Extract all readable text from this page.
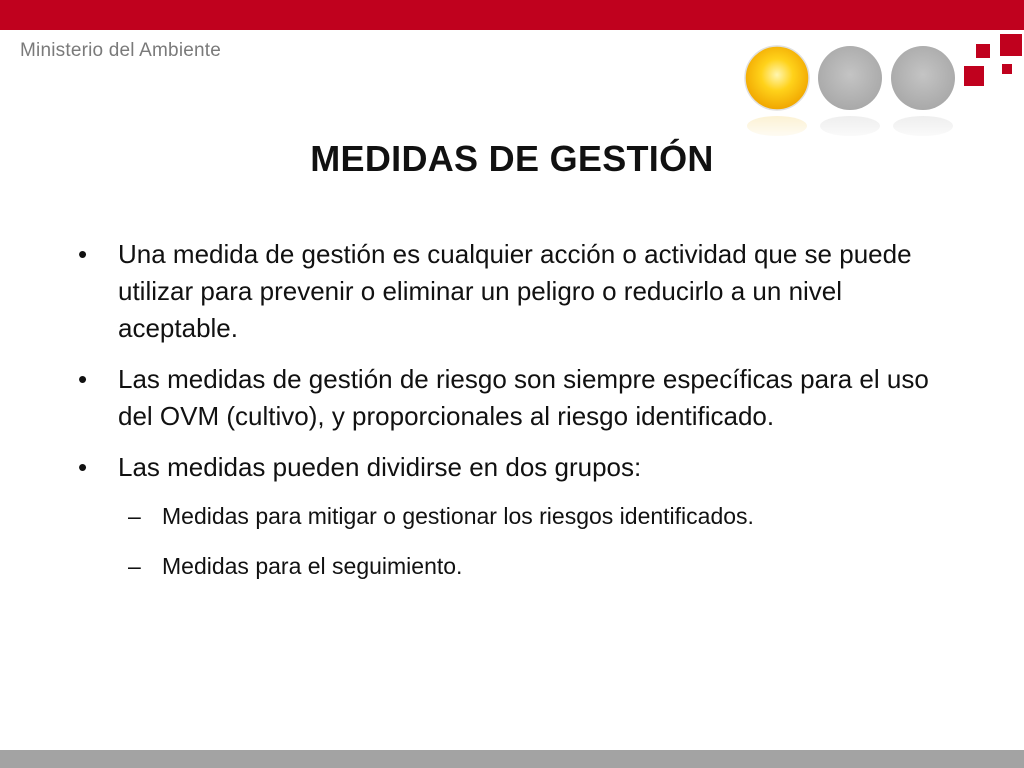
Ministerio del Ambiente
MEDIDAS DE GESTIÓN
•	Una medida de gestión es cualquier acción o actividad que se puede utilizar para prevenir o eliminar un peligro o reducirlo a un nivel aceptable.
•	Las medidas de gestión de riesgo son siempre específicas para el uso del OVM (cultivo), y proporcionales al riesgo identificado.
•	Las medidas pueden dividirse en dos grupos:
– Medidas para mitigar o gestionar los riesgos identificados.
– Medidas para el seguimiento.
